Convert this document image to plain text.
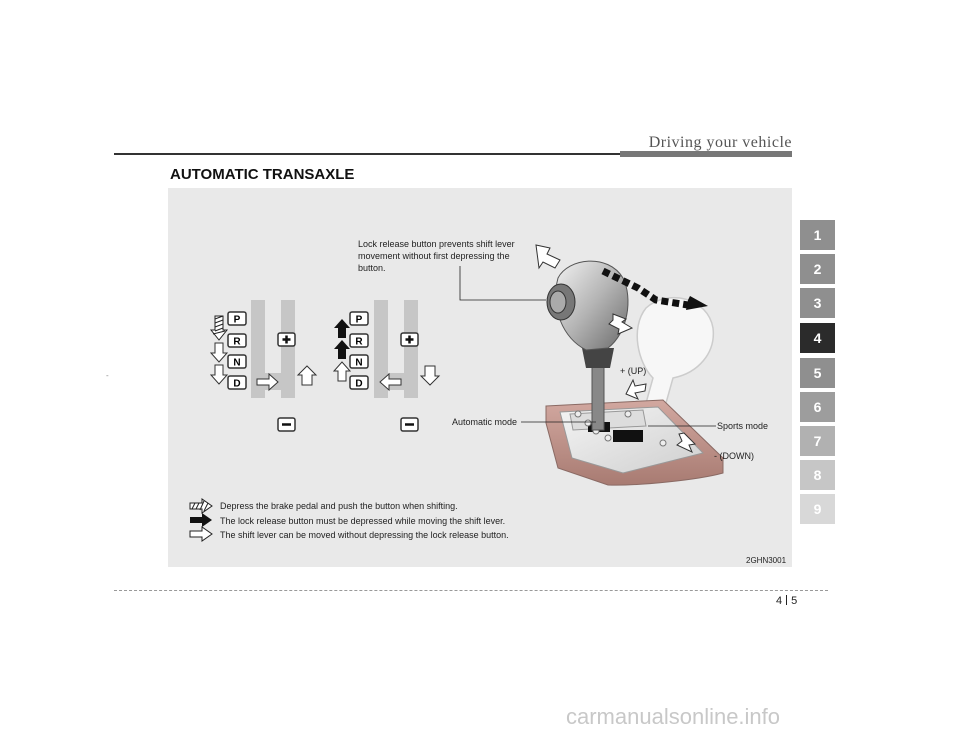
Driving your vehicle
AUTOMATIC TRANSAXLE
-
P
R
N
D
P
R
N
D
Lock release button prevents shift lever
movement without first depressing the
button.
+ (UP)
Automatic mode	Sports mode
- (DOWN)
Depress the brake pedal and push the button when shifting.
The lock release button must be depressed while moving the shift lever.
The shift lever can be moved without depressing the lock release button.
2GHN3001
1
2
3
4
5
6
7
8
9
4 5
carmanualsonline.info
